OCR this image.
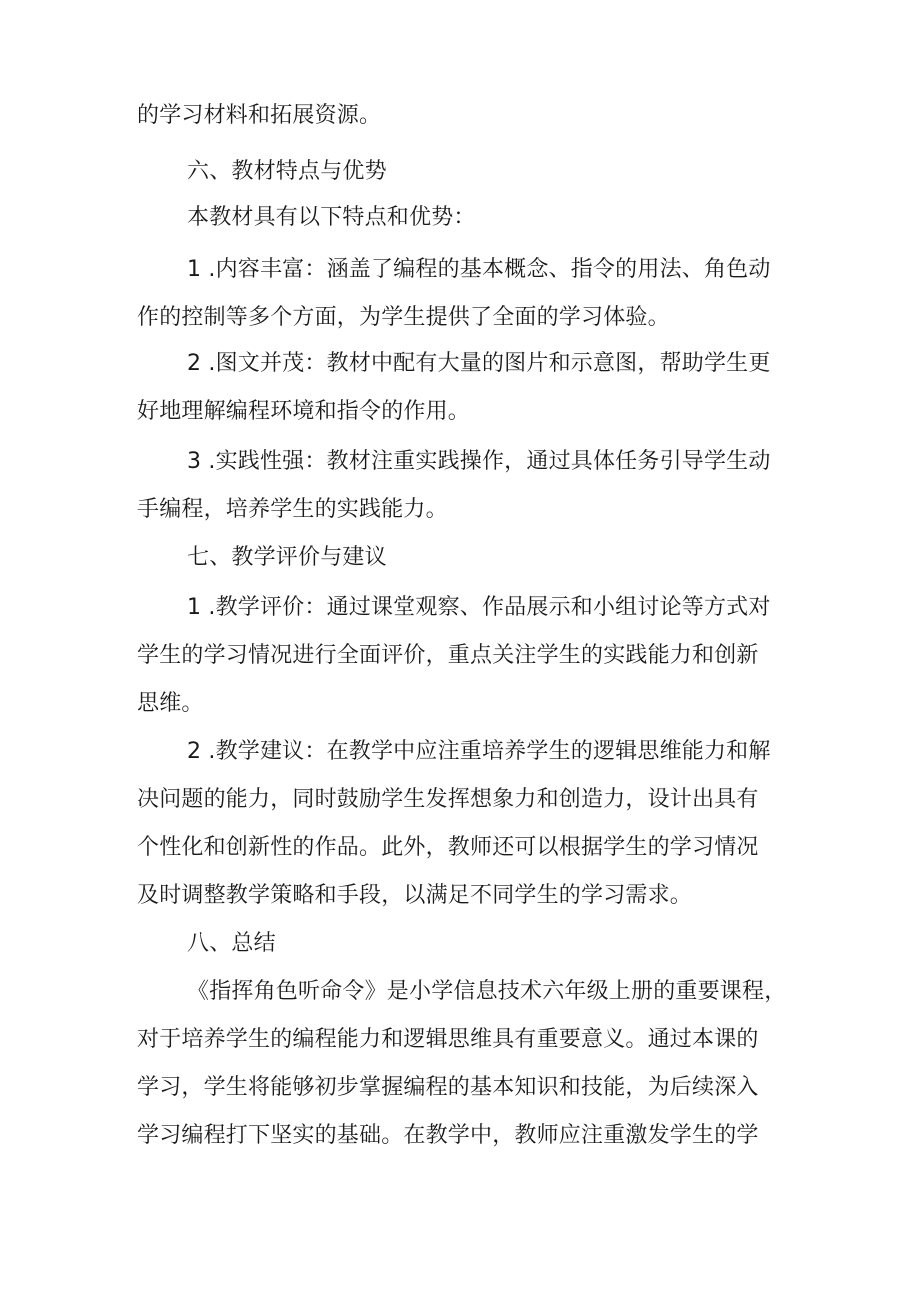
的学习材料和拓展资源。
六、教材特点与优势
本教材具有以下特点和优势：
1 .内容丰富：涵盖了编程的基本概念、指令的用法、角色动
作的控制等多个方面，为学生提供了全面的学习体验。
2 .图文并茂：教材中配有大量的图片和示意图，帮助学生更
好地理解编程环境和指令的作用。
3 .实践性强：教材注重实践操作，通过具体任务引导学生动
手编程，培养学生的实践能力。
七、教学评价与建议
1 .教学评价：通过课堂观察、作品展示和小组讨论等方式对
学生的学习情况进行全面评价，重点关注学生的实践能力和创新
思维。
2 .教学建议：在教学中应注重培养学生的逻辑思维能力和解
决问题的能力，同时鼓励学生发挥想象力和创造力，设计出具有
个性化和创新性的作品。此外，教师还可以根据学生的学习情况
及时调整教学策略和手段，以满足不同学生的学习需求。
八、总结
《指挥角色听命令》是小学信息技术六年级上册的重要课程，
对于培养学生的编程能力和逻辑思维具有重要意义。通过本课的
学习，学生将能够初步掌握编程的基本知识和技能，为后续深入
学习编程打下坚实的基础。在教学中，教师应注重激发学生的学
